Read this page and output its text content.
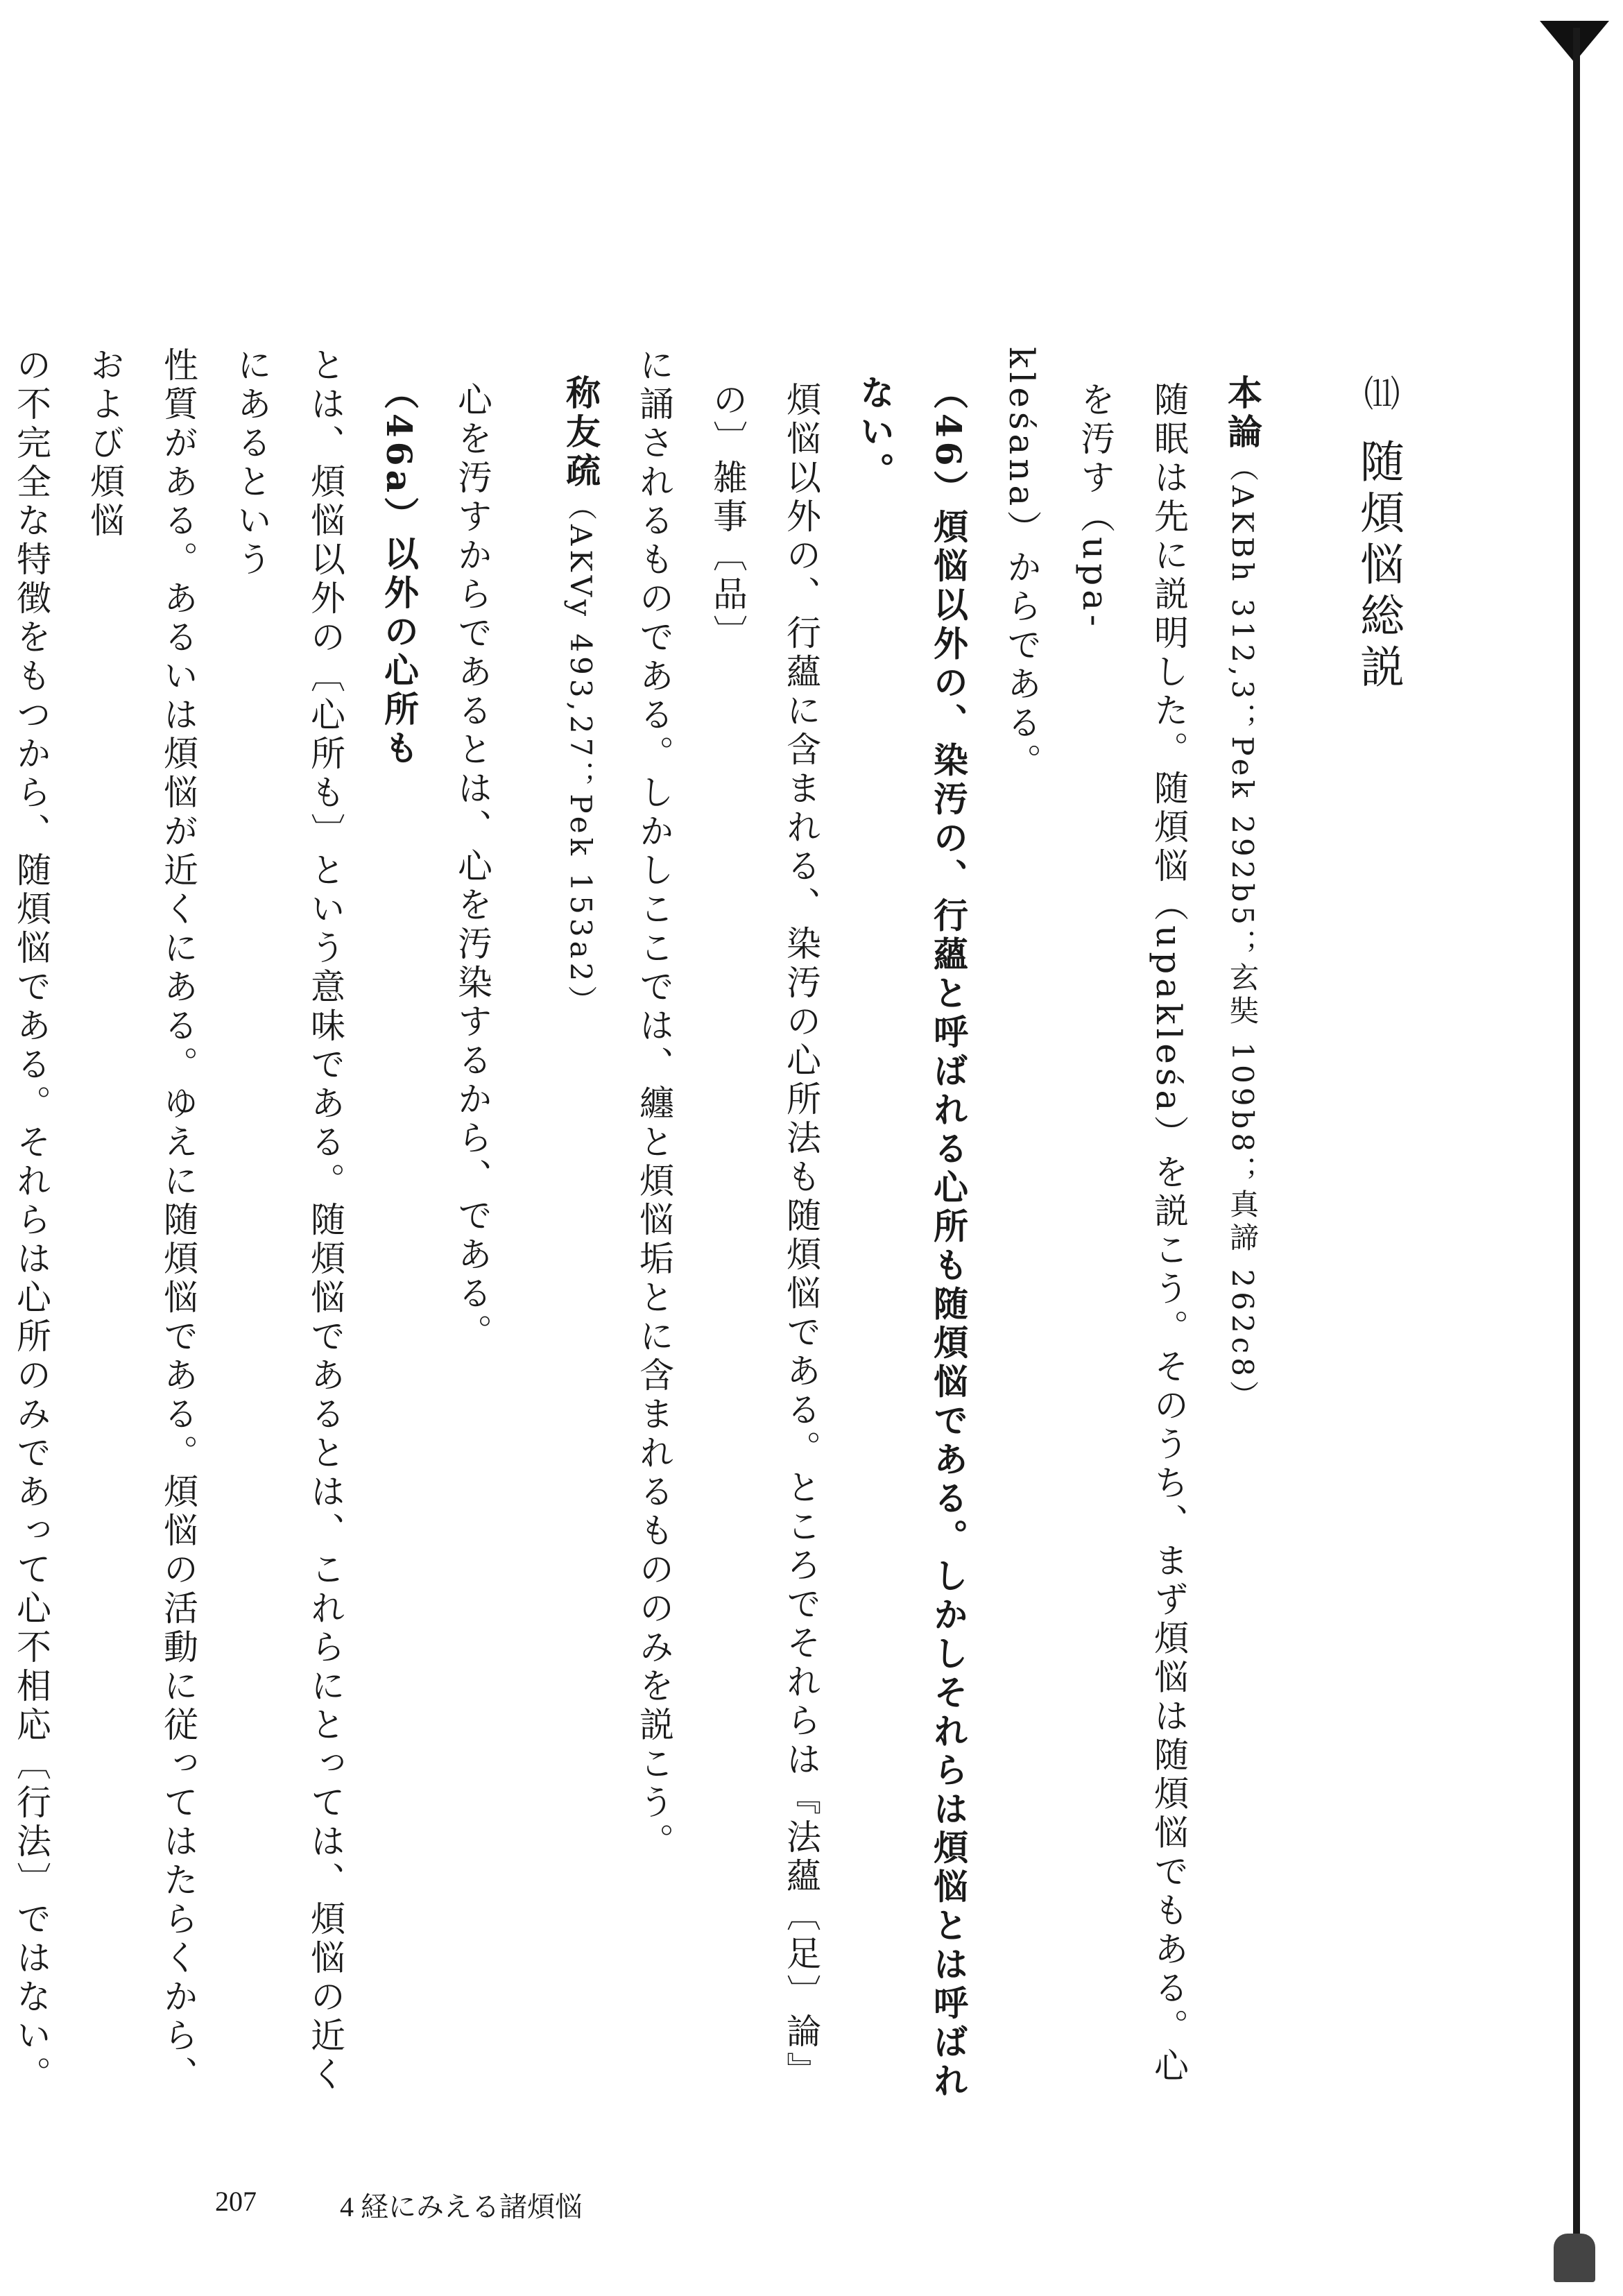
⑾ 随煩悩総説

本論（AKBh 312,3；Pek 292b5；玄奘 109b8；真諦 262c8）

随眠は先に説明した。随煩悩（upakleśa）を説こう。そのうち、まず煩悩は随煩悩でもある。心を汚す（upa-

kleśana）からである。

（46）煩悩以外の、染汚の、行蘊と呼ばれる心所も随煩悩である。しかしそれらは煩悩とは呼ばれない。

煩悩以外の、行蘊に含まれる、染汚の心所法も随煩悩である。ところでそれらは『法蘊〔足〕論』の〕雑事〔品〕

に誦されるものである。しかしここでは、纏と煩悩垢とに含まれるもののみを説こう。

称友疏（AKVy 493,27；Pek 153a2）

心を汚すからであるとは、心を汚染するから、である。

（46a）以外の心所も

とは、煩悩以外の〔心所も〕という意味である。随煩悩であるとは、これらにとっては、煩悩の近くにあるという

性質がある。あるいは煩悩が近くにある。ゆえに随煩悩である。煩悩の活動に従ってはたらくから、および煩悩

の不完全な特徴をもつから、随煩悩である。それらは心所のみであって心不相応〔行法〕ではない。

207	4 経にみえる諸煩悩
